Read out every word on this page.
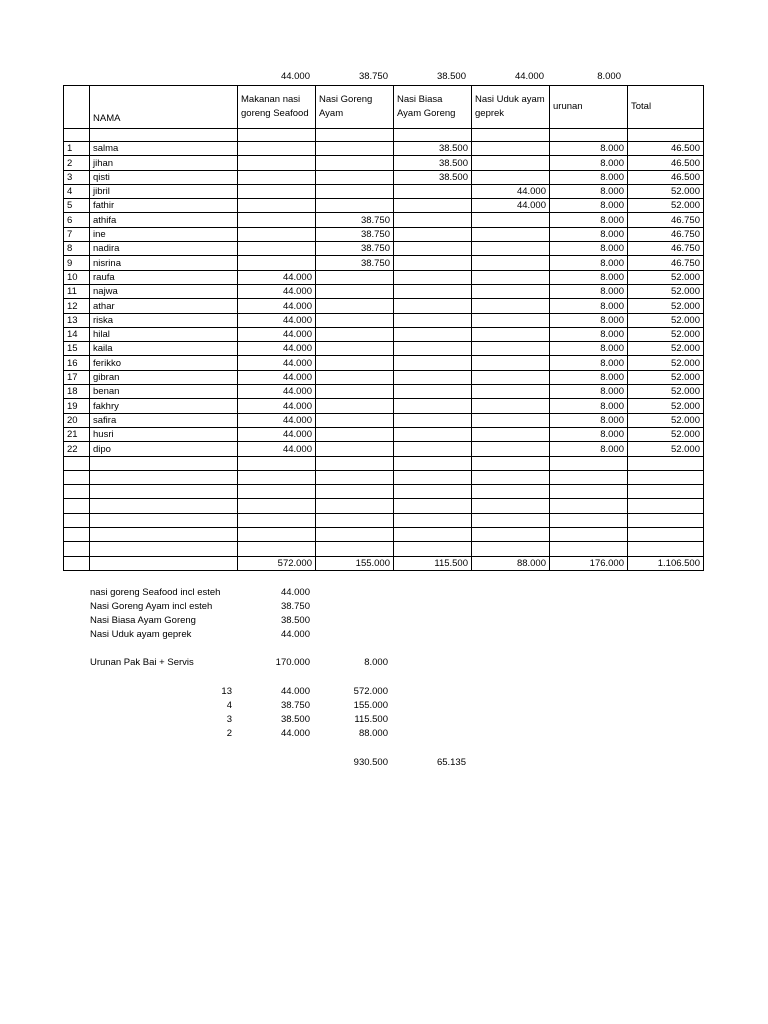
44.000	38.750	38.500	44.000	8.000
	NAMA	Makanan nasi goreng Seafood	Nasi Goreng Ayam	Nasi Biasa Ayam Goreng	Nasi Uduk ayam geprek	urunan	Total

1	salma			38.500		8.000	46.500
2	jihan			38.500		8.000	46.500
3	qisti			38.500		8.000	46.500
4	jibril				44.000	8.000	52.000
5	fathir				44.000	8.000	52.000
6	athifa		38.750			8.000	46.750
7	ine		38.750			8.000	46.750
8	nadira		38.750			8.000	46.750
9	nisrina		38.750			8.000	46.750
10	raufa	44.000				8.000	52.000
11	najwa	44.000				8.000	52.000
12	athar	44.000				8.000	52.000
13	riska	44.000				8.000	52.000
14	hilal	44.000				8.000	52.000
15	kaila	44.000				8.000	52.000
16	ferikko	44.000				8.000	52.000
17	gibran	44.000				8.000	52.000
18	benan	44.000				8.000	52.000
19	fakhry	44.000				8.000	52.000
20	safira	44.000				8.000	52.000
21	husri	44.000				8.000	52.000
22	dipo	44.000				8.000	52.000

		572.000	155.000	115.500	88.000	176.000	1.106.500
nasi goreng Seafood incl esteh	44.000
Nasi Goreng Ayam incl esteh	38.750
Nasi Biasa Ayam Goreng	38.500
Nasi Uduk ayam geprek	44.000
Urunan Pak Bai + Servis	170.000	8.000
13	44.000	572.000
4	38.750	155.000
3	38.500	115.500
2	44.000	88.000
930.500	65.135
